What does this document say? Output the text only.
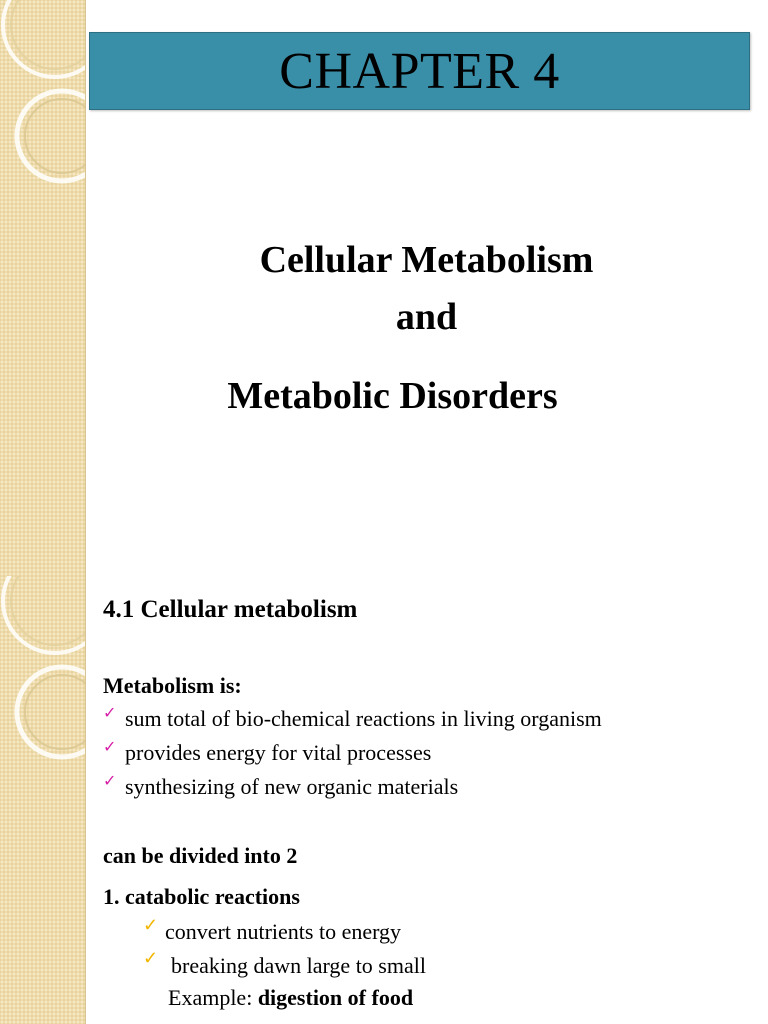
CHAPTER 4
Cellular Metabolism
and
Metabolic Disorders
4.1 Cellular metabolism
Metabolism is:
✓ sum total of bio-chemical reactions in living organism
✓ provides energy for vital processes
✓ synthesizing of new organic materials
can be divided into 2
1. catabolic reactions
✓ convert nutrients to energy
✓ breaking dawn large to small
Example: digestion of food
